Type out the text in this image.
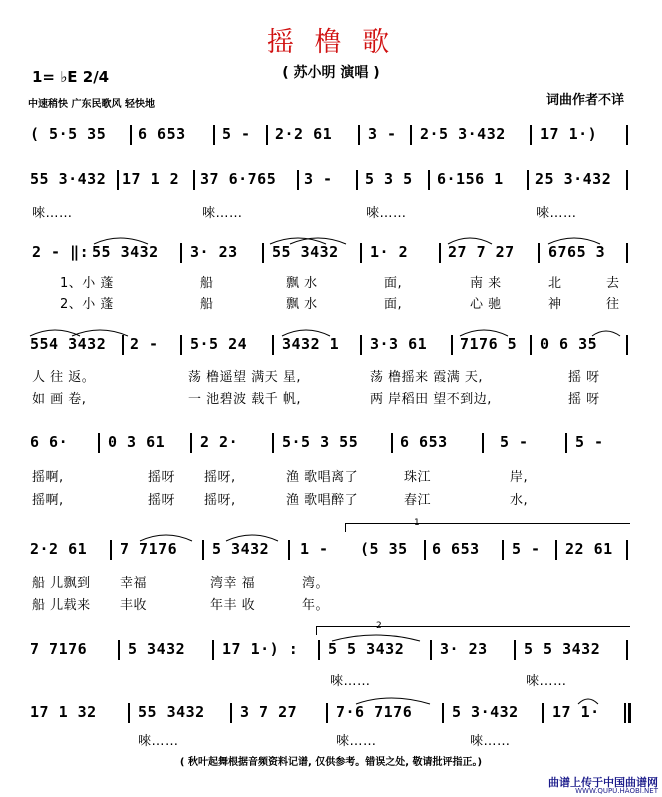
摇 橹 歌
( 苏小明 演唱 )
1= ♭E 2/4
中速稍快 广东民歌风 轻快地	词曲作者不详
( 5·5 35 6 653 5 - 2·2 61 3 - 2·5 3·432 17 1·)
55 3·432 17 1 2 37 6·765 3 - 5 3 5 6·156 1 25 3·432
唻……	唻……	唻……	唻……
2 - ‖: 55 3432 3· 23 55 3432 1· 2	27 7 27 6765 3
1、小 蓬	船	飘 水	面,	南 来	北	去
2、小 蓬	船	飘 水	面,	心 驰	神	往
554 3432 2 - 5·5 24 3432 1 3·3 61 7176 5 0 6 35
人 往 返。	荡 橹遥望 满天 星,	荡 橹摇来 霞满 天,	摇 呀
如 画 卷,	一 池碧波 载千 帆,	两 岸稻田 望不到边,	摇 呀
6 6·	0 3 61 2 2·	5·5 3 55	6 653	5 -	5 -
摇啊,	摇呀 摇呀,	渔 歌唱离了	珠江	岸,
摇啊,	摇呀 摇呀,	渔 歌唱醉了	春江	水,
1
2·2 61 7 7176 5 3432 1 - (5 35 6 653 5 - 22 61
船 儿飘到 幸福	湾幸 福	湾。
船 儿载来 丰收	年丰 收	年。
2
7 7176	5 3432 17 1·) : 5 5 3432 3· 23 5 5 3432
唻……	唻……
17 1 32	55 3432 3 7 27	7·6 7176	5 3·432 17 1·
唻……	唻……	唻……
( 秋叶起舞根据音频资料记谱, 仅供参考。错误之处, 敬请批评指正。)
曲谱上传于中国曲谱网
WWW.QUPU.HAOBI.NET
